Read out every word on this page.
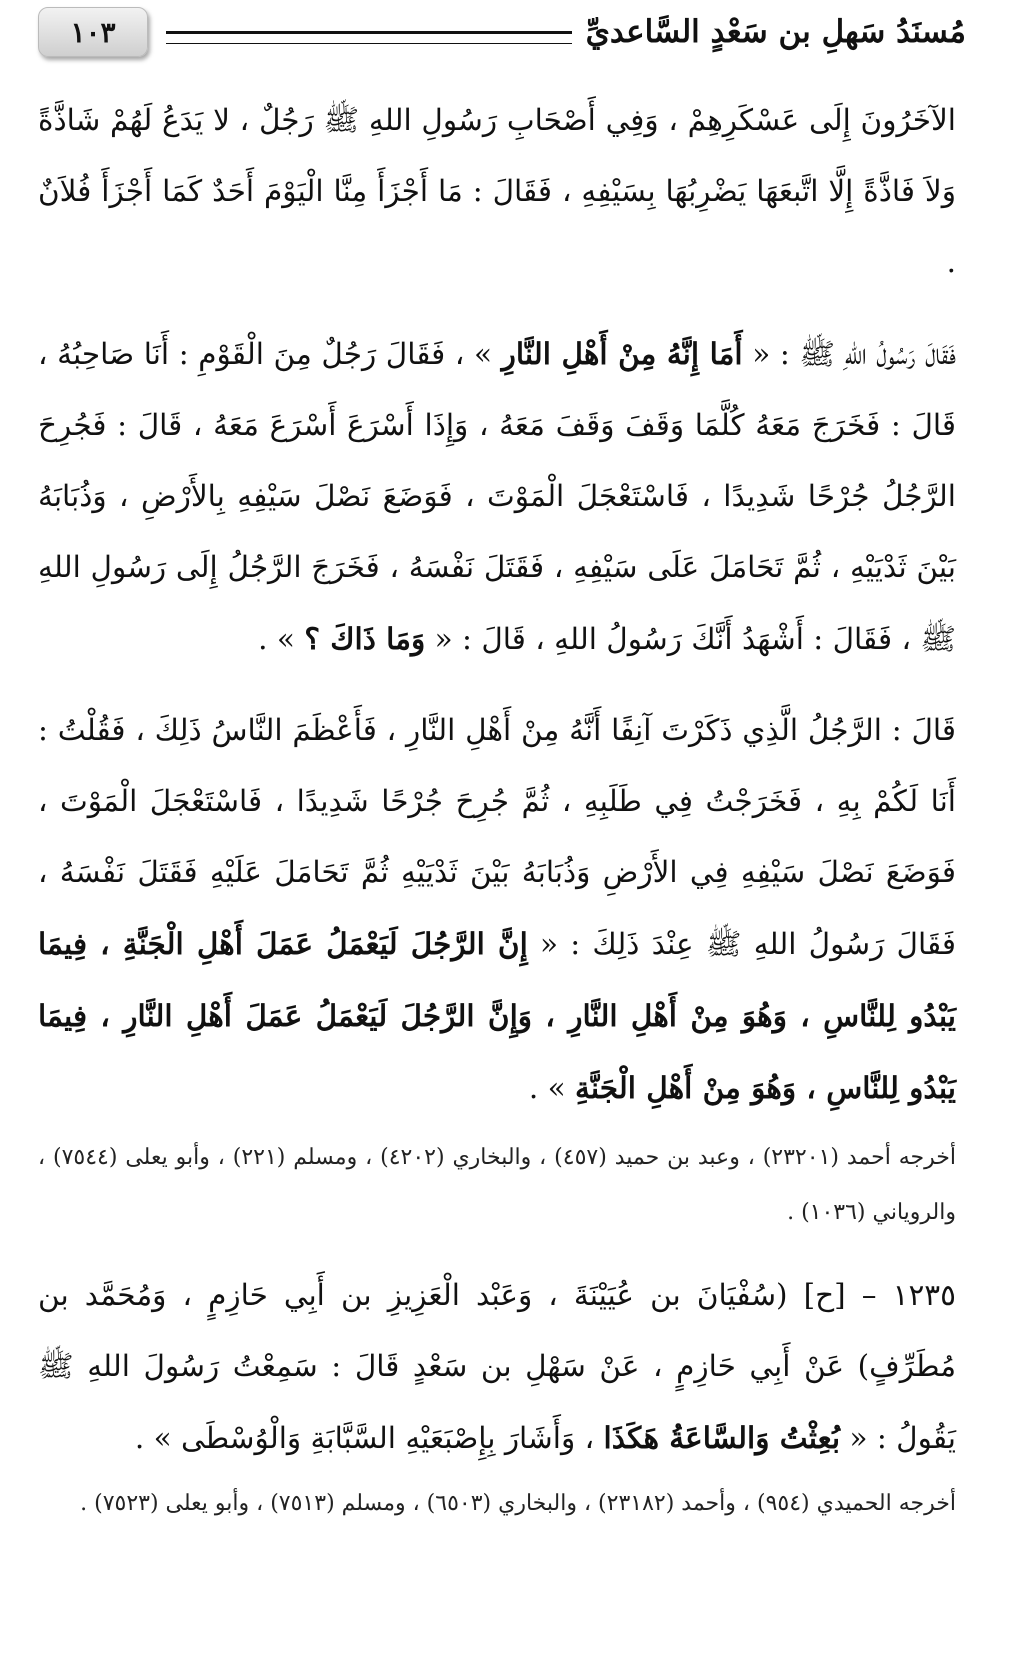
مُسنَدُ سَهلِ بن سَعْدٍ السَّاعديِّ
١٠٣

الآخَرُونَ إِلَى عَسْكَرِهِمْ ، وَفِي أَصْحَابِ رَسُولِ اللهِ ﷺ رَجُلٌ ، لا يَدَعُ لَهُمْ شَاذَّةً وَلاَ فَاذَّةً إِلَّا اتَّبعَهَا يَضْرِبُهَا بِسَيْفِهِ ، فَقَالَ : مَا أَجْزَأَ مِنَّا الْيَوْمَ أَحَدٌ كَمَا أَجْزَأَ فُلاَنٌ .

فَقَالَ رَسُولُ اللهِ ﷺ : « أَمَا إِنَّهُ مِنْ أَهْلِ النَّارِ » ، فَقَالَ رَجُلٌ مِنَ الْقَوْمِ : أَنَا صَاحِبُهُ ، قَالَ : فَخَرَجَ مَعَهُ كُلَّمَا وَقَفَ وَقَفَ مَعَهُ ، وَإِذَا أَسْرَعَ أَسْرَعَ مَعَهُ ، قَالَ : فَجُرِحَ الرَّجُلُ جُرْحًا شَدِيدًا ، فَاسْتَعْجَلَ الْمَوْتَ ، فَوَضَعَ نَصْلَ سَيْفِهِ بِالأَرْضِ ، وَذُبَابَهُ بَيْنَ ثَدْيَيْهِ ، ثُمَّ تَحَامَلَ عَلَى سَيْفِهِ ، فَقَتَلَ نَفْسَهُ ، فَخَرَجَ الرَّجُلُ إِلَى رَسُولِ اللهِ ﷺ ، فَقَالَ : أَشْهَدُ أَنَّكَ رَسُولُ اللهِ ، قَالَ : « وَمَا ذَاكَ ؟ » .

قَالَ : الرَّجُلُ الَّذِي ذَكَرْتَ آنِفًا أَنَّهُ مِنْ أَهْلِ النَّارِ ، فَأَعْظَمَ النَّاسُ ذَلِكَ ، فَقُلْتُ : أَنَا لَكُمْ بِهِ ، فَخَرَجْتُ فِي طَلَبِهِ ، ثُمَّ جُرِحَ جُرْحًا شَدِيدًا ، فَاسْتَعْجَلَ الْمَوْتَ ، فَوَضَعَ نَصْلَ سَيْفِهِ فِي الأَرْضِ وَذُبَابَهُ بَيْنَ ثَدْيَيْهِ ثُمَّ تَحَامَلَ عَلَيْهِ فَقَتَلَ نَفْسَهُ ، فَقَالَ رَسُولُ اللهِ ﷺ عِنْدَ ذَلِكَ : « إِنَّ الرَّجُلَ لَيَعْمَلُ عَمَلَ أَهْلِ الْجَنَّةِ ، فِيمَا يَبْدُو لِلنَّاسِ ، وَهُوَ مِنْ أَهْلِ النَّارِ ، وَإِنَّ الرَّجُلَ لَيَعْمَلُ عَمَلَ أَهْلِ النَّارِ ، فِيمَا يَبْدُو لِلنَّاسِ ، وَهُوَ مِنْ أَهْلِ الْجَنَّةِ » .

أخرجه أحمد (٢٣٢٠١) ، وعبد بن حميد (٤٥٧) ، والبخاري (٤٢٠٢) ، ومسلم (٢٢١) ، وأبو يعلى (٧٥٤٤) ، والروياني (١٠٣٦) .

١٢٣٥ – [ح] (سُفْيَانَ بن عُيَيْنَةَ ، وَعَبْد الْعَزِيزِ بن أَبِي حَازِمٍ ، وَمُحَمَّد بن مُطَرِّفٍ) عَنْ أَبِي حَازِمٍ ، عَنْ سَهْلِ بن سَعْدٍ قَالَ : سَمِعْتُ رَسُولَ اللهِ ﷺ يَقُولُ : « بُعِثْتُ وَالسَّاعَةُ هَكَذَا ، وَأَشَارَ بِإِصْبَعَيْهِ السَّبَّابَةِ وَالْوُسْطَى » .

أخرجه الحميدي (٩٥٤) ، وأحمد (٢٣١٨٢) ، والبخاري (٦٥٠٣) ، ومسلم (٧٥١٣) ، وأبو يعلى (٧٥٢٣) .
